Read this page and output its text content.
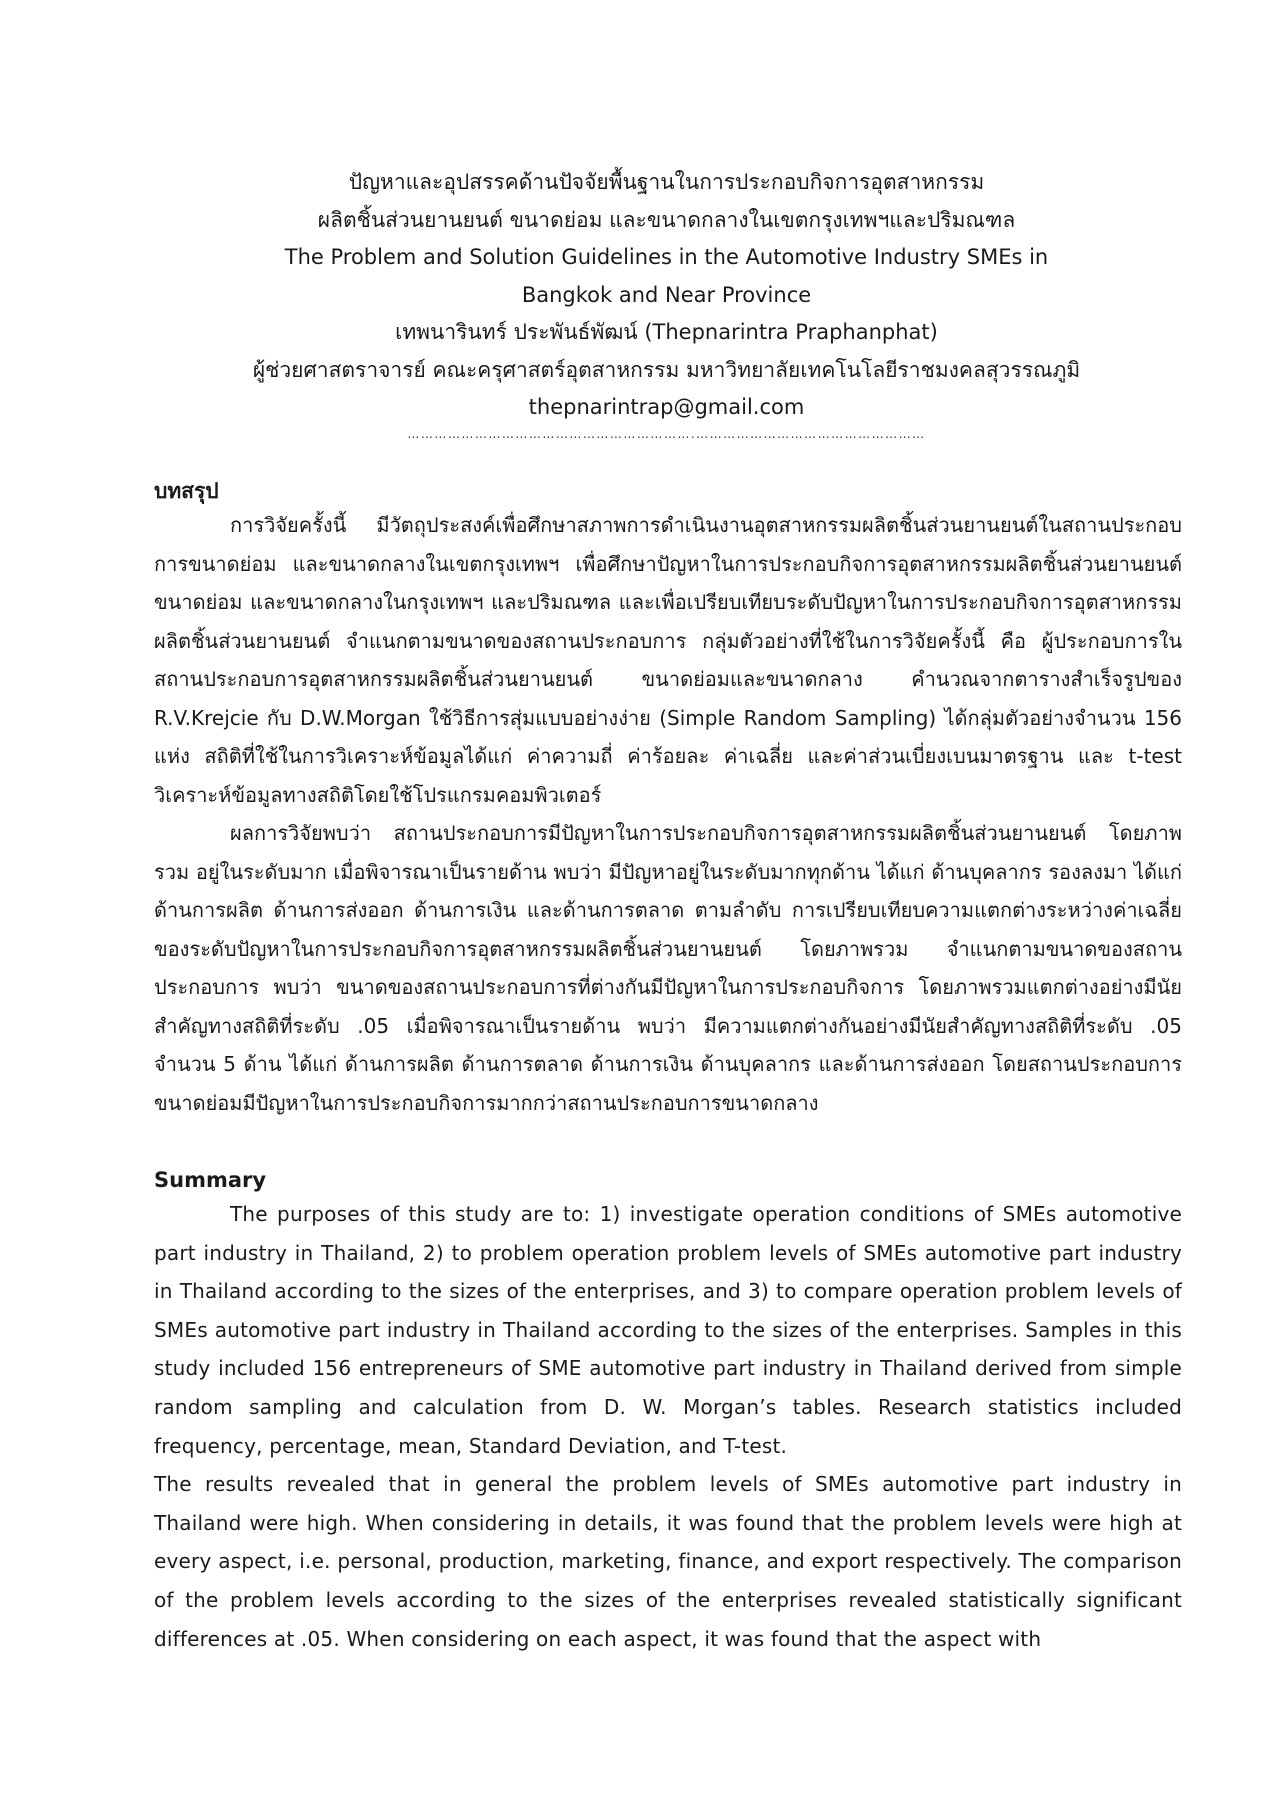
ปัญหาและอุปสรรคด้านปัจจัยพื้นฐานในการประกอบกิจการอุตสาหกรรม
ผลิตชิ้นส่วนยานยนต์ ขนาดย่อม และขนาดกลางในเขตกรุงเทพฯและปริมณฑล
The Problem and Solution Guidelines in the Automotive Industry SMEs in
Bangkok and Near Province
เทพนารินทร์ ประพันธ์พัฒน์ (Thepnarintra Praphanphat)
ผู้ช่วยศาสตราจารย์ คณะครุศาสตร์อุตสาหกรรม มหาวิทยาลัยเทคโนโลยีราชมงคลสุวรรณภูมิ
thepnarintrap@gmail.com
……………………………………………………….……………………………………………
บทสรุป

การวิจัยครั้งนี้ มีวัตถุประสงค์เพื่อศึกษาสภาพการดำเนินงานอุตสาหกรรมผลิตชิ้นส่วนยานยนต์ในสถานประกอบการขนาดย่อม และขนาดกลางในเขตกรุงเทพฯ เพื่อศึกษาปัญหาในการประกอบกิจการอุตสาหกรรมผลิตชิ้นส่วนยานยนต์ ขนาดย่อม และขนาดกลางในกรุงเทพฯ และปริมณฑล และเพื่อเปรียบเทียบระดับปัญหาในการประกอบกิจการอุตสาหกรรมผลิตชิ้นส่วนยานยนต์ จำแนกตามขนาดของสถานประกอบการ กลุ่มตัวอย่างที่ใช้ในการวิจัยครั้งนี้ คือ ผู้ประกอบการในสถานประกอบการอุตสาหกรรมผลิตชิ้นส่วนยานยนต์ ขนาดย่อมและขนาดกลาง คำนวณจากตารางสำเร็จรูปของ R.V.Krejcie กับ D.W.Morgan ใช้วิธีการสุ่มแบบอย่างง่าย (Simple Random Sampling) ได้กลุ่มตัวอย่างจำนวน 156 แห่ง สถิติที่ใช้ในการวิเคราะห์ข้อมูลได้แก่ ค่าความถี่ ค่าร้อยละ ค่าเฉลี่ย และค่าส่วนเบี่ยงเบนมาตรฐาน และ t-test วิเคราะห์ข้อมูลทางสถิติโดยใช้โปรแกรมคอมพิวเตอร์

ผลการวิจัยพบว่า สถานประกอบการมีปัญหาในการประกอบกิจการอุตสาหกรรมผลิตชิ้นส่วนยานยนต์ โดยภาพรวม อยู่ในระดับมาก เมื่อพิจารณาเป็นรายด้าน พบว่า มีปัญหาอยู่ในระดับมากทุกด้าน ได้แก่ ด้านบุคลากร รองลงมา ได้แก่ ด้านการผลิต ด้านการส่งออก ด้านการเงิน และด้านการตลาด ตามลำดับ การเปรียบเทียบความแตกต่างระหว่างค่าเฉลี่ยของระดับปัญหาในการประกอบกิจการอุตสาหกรรมผลิตชิ้นส่วนยานยนต์ โดยภาพรวม จำแนกตามขนาดของสถานประกอบการ พบว่า ขนาดของสถานประกอบการที่ต่างกันมีปัญหาในการประกอบกิจการ โดยภาพรวมแตกต่างอย่างมีนัยสำคัญทางสถิติที่ระดับ .05 เมื่อพิจารณาเป็นรายด้าน พบว่า มีความแตกต่างกันอย่างมีนัยสำคัญทางสถิติที่ระดับ .05 จำนวน 5 ด้าน ได้แก่ ด้านการผลิต ด้านการตลาด ด้านการเงิน ด้านบุคลากร และด้านการส่งออก โดยสถานประกอบการขนาดย่อมมีปัญหาในการประกอบกิจการมากกว่าสถานประกอบการขนาดกลาง

Summary

The purposes of this study are to: 1) investigate operation conditions of SMEs automotive part industry in Thailand, 2) to problem operation problem levels of SMEs automotive part industry in Thailand according to the sizes of the enterprises, and 3) to compare operation problem levels of SMEs automotive part industry in Thailand according to the sizes of the enterprises. Samples in this study included 156 entrepreneurs of SME automotive part industry in Thailand derived from simple random sampling and calculation from D. W. Morgan’s tables. Research statistics included frequency, percentage, mean, Standard Deviation, and T-test.

The results revealed that in general the problem levels of SMEs automotive part industry in Thailand were high. When considering in details, it was found that the problem levels were high at every aspect, i.e. personal, production, marketing, finance, and export respectively. The comparison of the problem levels according to the sizes of the enterprises revealed statistically significant differences at .05. When considering on each aspect, it was found that the aspect with
